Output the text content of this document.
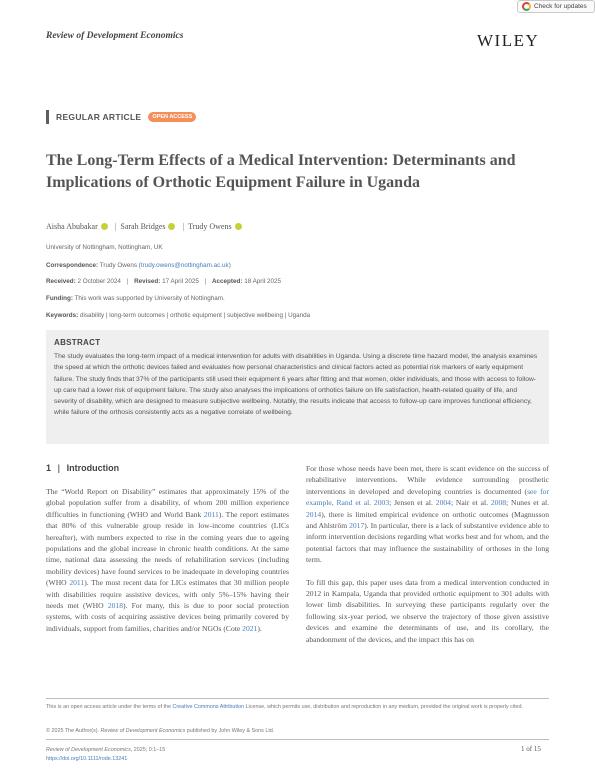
Check for updates
Review of Development Economics	WILEY
REGULAR ARTICLE	OPEN ACCESS
The Long-Term Effects of a Medical Intervention: Determinants and Implications of Orthotic Equipment Failure in Uganda
Aisha Abubakar | Sarah Bridges | Trudy Owens
University of Nottingham, Nottingham, UK
Correspondence: Trudy Owens (trudy.owens@nottingham.ac.uk)
Received: 2 October 2024 | Revised: 17 April 2025 | Accepted: 18 April 2025
Funding: This work was supported by University of Nottingham.
Keywords: disability | long-term outcomes | orthotic equipment | subjective wellbeing | Uganda
ABSTRACT
The study evaluates the long-term impact of a medical intervention for adults with disabilities in Uganda. Using a discrete time hazard model, the analysis examines the speed at which the orthotic devices failed and evaluates how personal characteristics and clinical factors acted as potential risk markers of early equipment failure. The study finds that 37% of the participants still used their equipment 6 years after fitting and that women, older individuals, and those with access to follow-up care had a lower risk of equipment failure. The study also analyses the implications of orthotics failure on life satisfaction, health-related quality of life, and severity of disability, which are designed to measure subjective wellbeing. Notably, the results indicate that access to follow-up care improves functional efficiency, while failure of the orthosis consistently acts as a negative correlate of wellbeing.
1 | Introduction

The “World Report on Disability” estimates that approximately 15% of the global population suffer from a disability, of whom 200 million experience difficulties in functioning (WHO and World Bank 2011). The report estimates that 80% of this vulnerable group reside in low-income countries (LICs hereafter), with numbers expected to rise in the coming years due to ageing populations and the global increase in chronic health conditions. At the same time, national data assessing the needs of rehabilitation services (including mobility devices) have found services to be inadequate in developing countries (WHO 2011). The most recent data for LICs estimates that 30 million people with disabilities require assistive devices, with only 5%–15% having their needs met (WHO 2018). For many, this is due to poor social protection systems, with costs of acquiring assistive devices being primarily covered by individuals, support from families, charities and/or NGOs (Cote 2021).

For those whose needs have been met, there is scant evidence on the success of rehabilitative interventions. While evidence surrounding prosthetic interventions in developed and developing countries is documented (see for example, Rand et al. 2003; Jensen et al. 2004; Nair et al. 2008; Nunes et al. 2014), there is limited empirical evidence on orthotic outcomes (Magnusson and Ahlström 2017). In particular, there is a lack of substantive evidence able to inform intervention decisions regarding what works best and for whom, and the potential factors that may influence the sustainability of orthoses in the long term.

To fill this gap, this paper uses data from a medical intervention conducted in 2012 in Kampala, Uganda that provided orthotic equipment to 301 adults with lower limb disabilities. In surveying these participants regularly over the following six-year period, we observe the trajectory of those given assistive devices and examine the determinants of use, and its corollary, the abandonment of the devices, and the impact this has on

This is an open access article under the terms of the Creative Commons Attribution License, which permits use, distribution and reproduction in any medium, provided the original work is properly cited.
© 2025 The Author(s). Review of Development Economics published by John Wiley & Sons Ltd.
Review of Development Economics, 2025; 0:1–15
https://doi.org/10.1111/rode.13241
1 of 15
